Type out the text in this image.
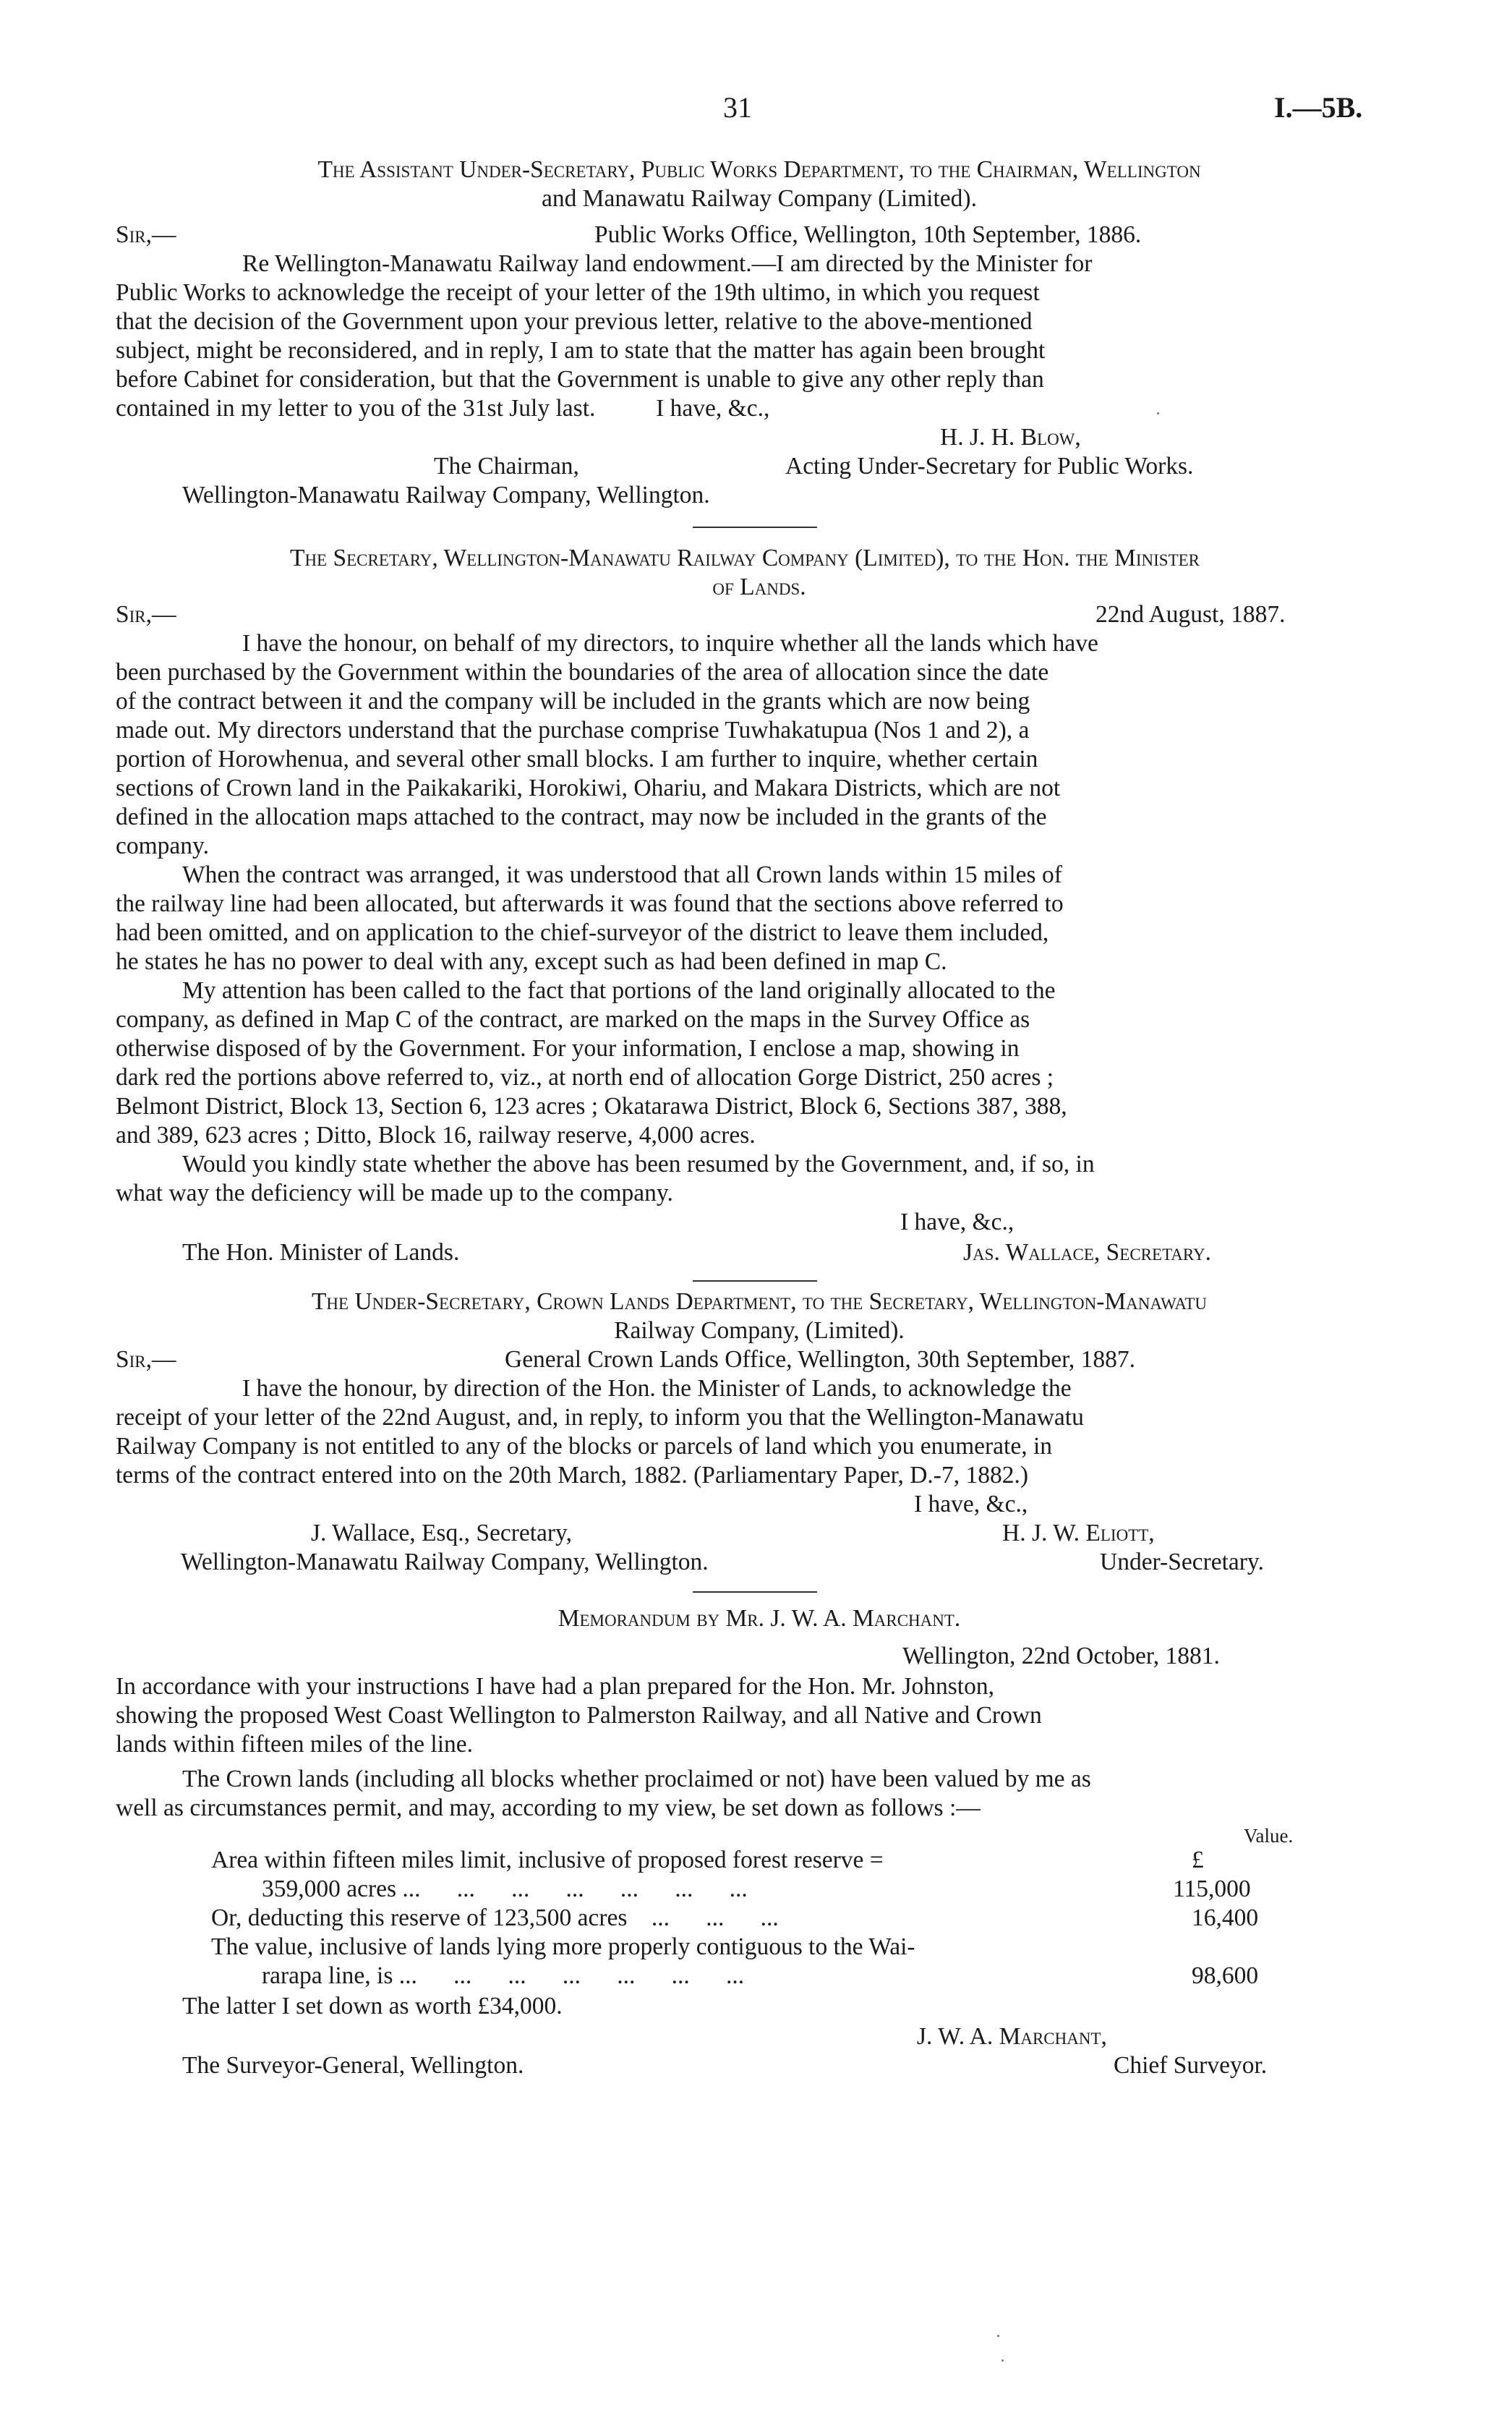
31	I.—5B.
The Assistant Under-Secretary, Public Works Department, to the Chairman, Wellington
and Manawatu Railway Company (Limited).
Sir,—	Public Works Office, Wellington, 10th September, 1886.
Re Wellington-Manawatu Railway land endowment.—I am directed by the Minister for
Public Works to acknowledge the receipt of your letter of the 19th ultimo, in which you request
that the decision of the Government upon your previous letter, relative to the above-mentioned
subject, might be reconsidered, and in reply, I am to state that the matter has again been brought
before Cabinet for consideration, but that the Government is unable to give any other reply than
contained in my letter to you of the 31st July last.          I have, &c.,
H. J. H. Blow,
The Chairman,	Acting Under-Secretary for Public Works.
Wellington-Manawatu Railway Company, Wellington.
The Secretary, Wellington-Manawatu Railway Company (Limited), to the Hon. the Minister
of Lands.
Sir,—	22nd August, 1887.
I have the honour, on behalf of my directors, to inquire whether all the lands which have
been purchased by the Government within the boundaries of the area of allocation since the date
of the contract between it and the company will be included in the grants which are now being
made out. My directors understand that the purchase comprise Tuwhakatupua (Nos 1 and 2), a
portion of Horowhenua, and several other small blocks. I am further to inquire, whether certain
sections of Crown land in the Paikakariki, Horokiwi, Ohariu, and Makara Districts, which are not
defined in the allocation maps attached to the contract, may now be included in the grants of the
company.
When the contract was arranged, it was understood that all Crown lands within 15 miles of
the railway line had been allocated, but afterwards it was found that the sections above referred to
had been omitted, and on application to the chief-surveyor of the district to leave them included,
he states he has no power to deal with any, except such as had been defined in map C.
My attention has been called to the fact that portions of the land originally allocated to the
company, as defined in Map C of the contract, are marked on the maps in the Survey Office as
otherwise disposed of by the Government. For your information, I enclose a map, showing in
dark red the portions above referred to, viz., at north end of allocation Gorge District, 250 acres ;
Belmont District, Block 13, Section 6, 123 acres ; Okatarawa District, Block 6, Sections 387, 388,
and 389, 623 acres ; Ditto, Block 16, railway reserve, 4,000 acres.
Would you kindly state whether the above has been resumed by the Government, and, if so, in
what way the deficiency will be made up to the company.
I have, &c.,
The Hon. Minister of Lands.	Jas. Wallace, Secretary.
The Under-Secretary, Crown Lands Department, to the Secretary, Wellington-Manawatu
Railway Company, (Limited).
Sir,—	General Crown Lands Office, Wellington, 30th September, 1887.
I have the honour, by direction of the Hon. the Minister of Lands, to acknowledge the
receipt of your letter of the 22nd August, and, in reply, to inform you that the Wellington-Manawatu
Railway Company is not entitled to any of the blocks or parcels of land which you enumerate, in
terms of the contract entered into on the 20th March, 1882. (Parliamentary Paper, D.-7, 1882.)
I have, &c.,
J. Wallace, Esq., Secretary,	H. J. W. Eliott,
Wellington-Manawatu Railway Company, Wellington.	Under-Secretary.
Memorandum by Mr. J. W. A. Marchant.
Wellington, 22nd October, 1881.
In accordance with your instructions I have had a plan prepared for the Hon. Mr. Johnston,
showing the proposed West Coast Wellington to Palmerston Railway, and all Native and Crown
lands within fifteen miles of the line.
The Crown lands (including all blocks whether proclaimed or not) have been valued by me as
well as circumstances permit, and may, according to my view, be set down as follows :—
Value.
£
Area within fifteen miles limit, inclusive of proposed forest reserve =
359,000 acres ...      ...      ...      ...      ...      ...      ...	115,000
Or, deducting this reserve of 123,500 acres    ...      ...      ...	16,400
The value, inclusive of lands lying more properly contiguous to the Wai-
rarapa line, is ...      ...      ...      ...      ...      ...      ...	98,600
The latter I set down as worth £34,000.
J. W. A. Marchant,
The Surveyor-General, Wellington.	Chief Surveyor.
